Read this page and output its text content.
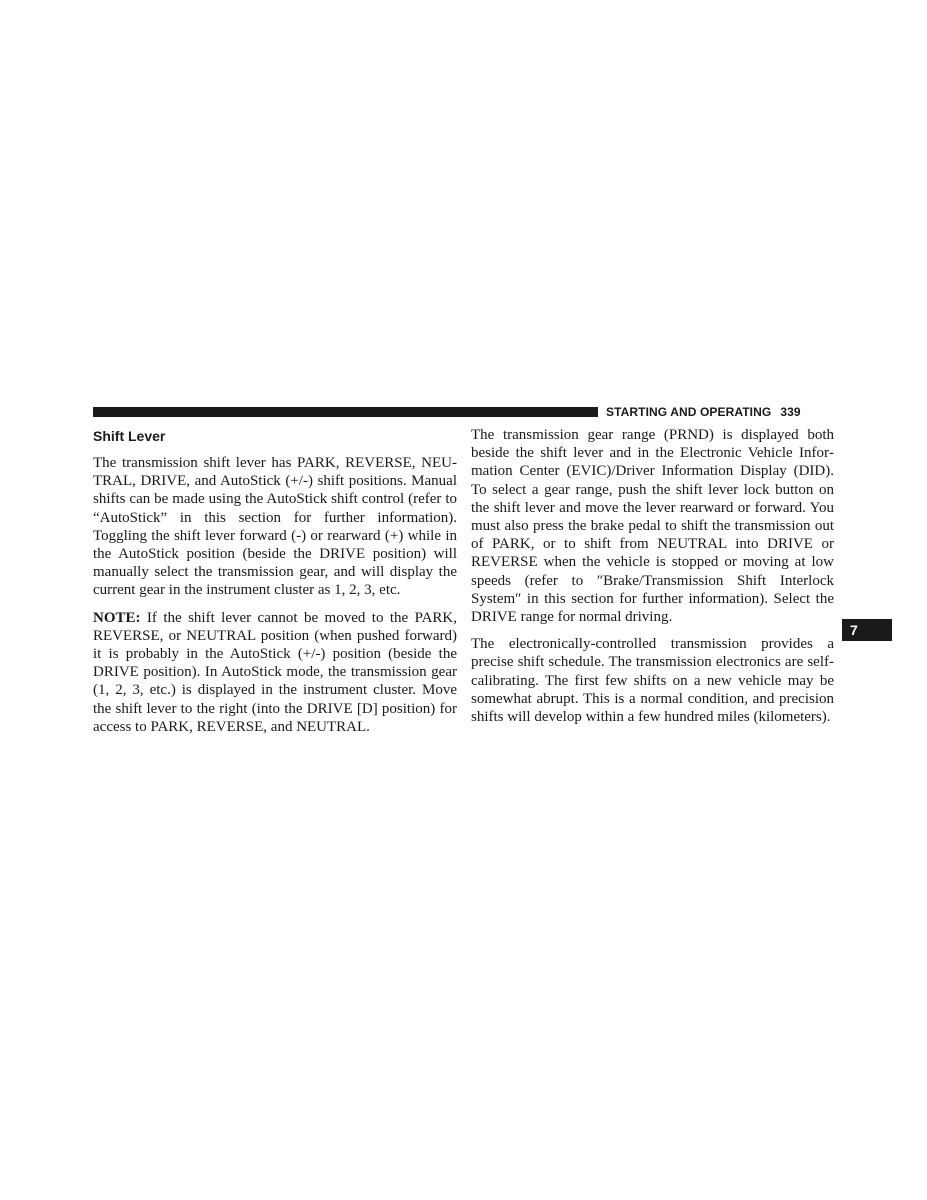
STARTING AND OPERATING 339
Shift Lever

The transmission shift lever has PARK, REVERSE, NEUTRAL, DRIVE, and AutoStick (+/-) shift positions. Manual shifts can be made using the AutoStick shift control (refer to “AutoStick” in this section for further information). Toggling the shift lever forward (-) or rearward (+) while in the AutoStick position (beside the DRIVE position) will manually select the transmission gear, and will display the current gear in the instrument cluster as 1, 2, 3, etc.

NOTE: If the shift lever cannot be moved to the PARK, REVERSE, or NEUTRAL position (when pushed forward) it is probably in the AutoStick (+/-) position (beside the DRIVE position). In AutoStick mode, the transmission gear (1, 2, 3, etc.) is displayed in the instrument cluster. Move the shift lever to the right (into the DRIVE [D] position) for access to PARK, REVERSE, and NEUTRAL.

The transmission gear range (PRND) is displayed both beside the shift lever and in the Electronic Vehicle Information Center (EVIC)/Driver Information Display (DID). To select a gear range, push the shift lever lock button on the shift lever and move the lever rearward or forward. You must also press the brake pedal to shift the transmission out of PARK, or to shift from NEUTRAL into DRIVE or REVERSE when the vehicle is stopped or moving at low speeds (refer to ″Brake/Transmission Shift Interlock System″ in this section for further information). Select the DRIVE range for normal driving.

The electronically-controlled transmission provides a precise shift schedule. The transmission electronics are self-calibrating. The first few shifts on a new vehicle may be somewhat abrupt. This is a normal condition, and precision shifts will develop within a few hundred miles (kilometers).

7
